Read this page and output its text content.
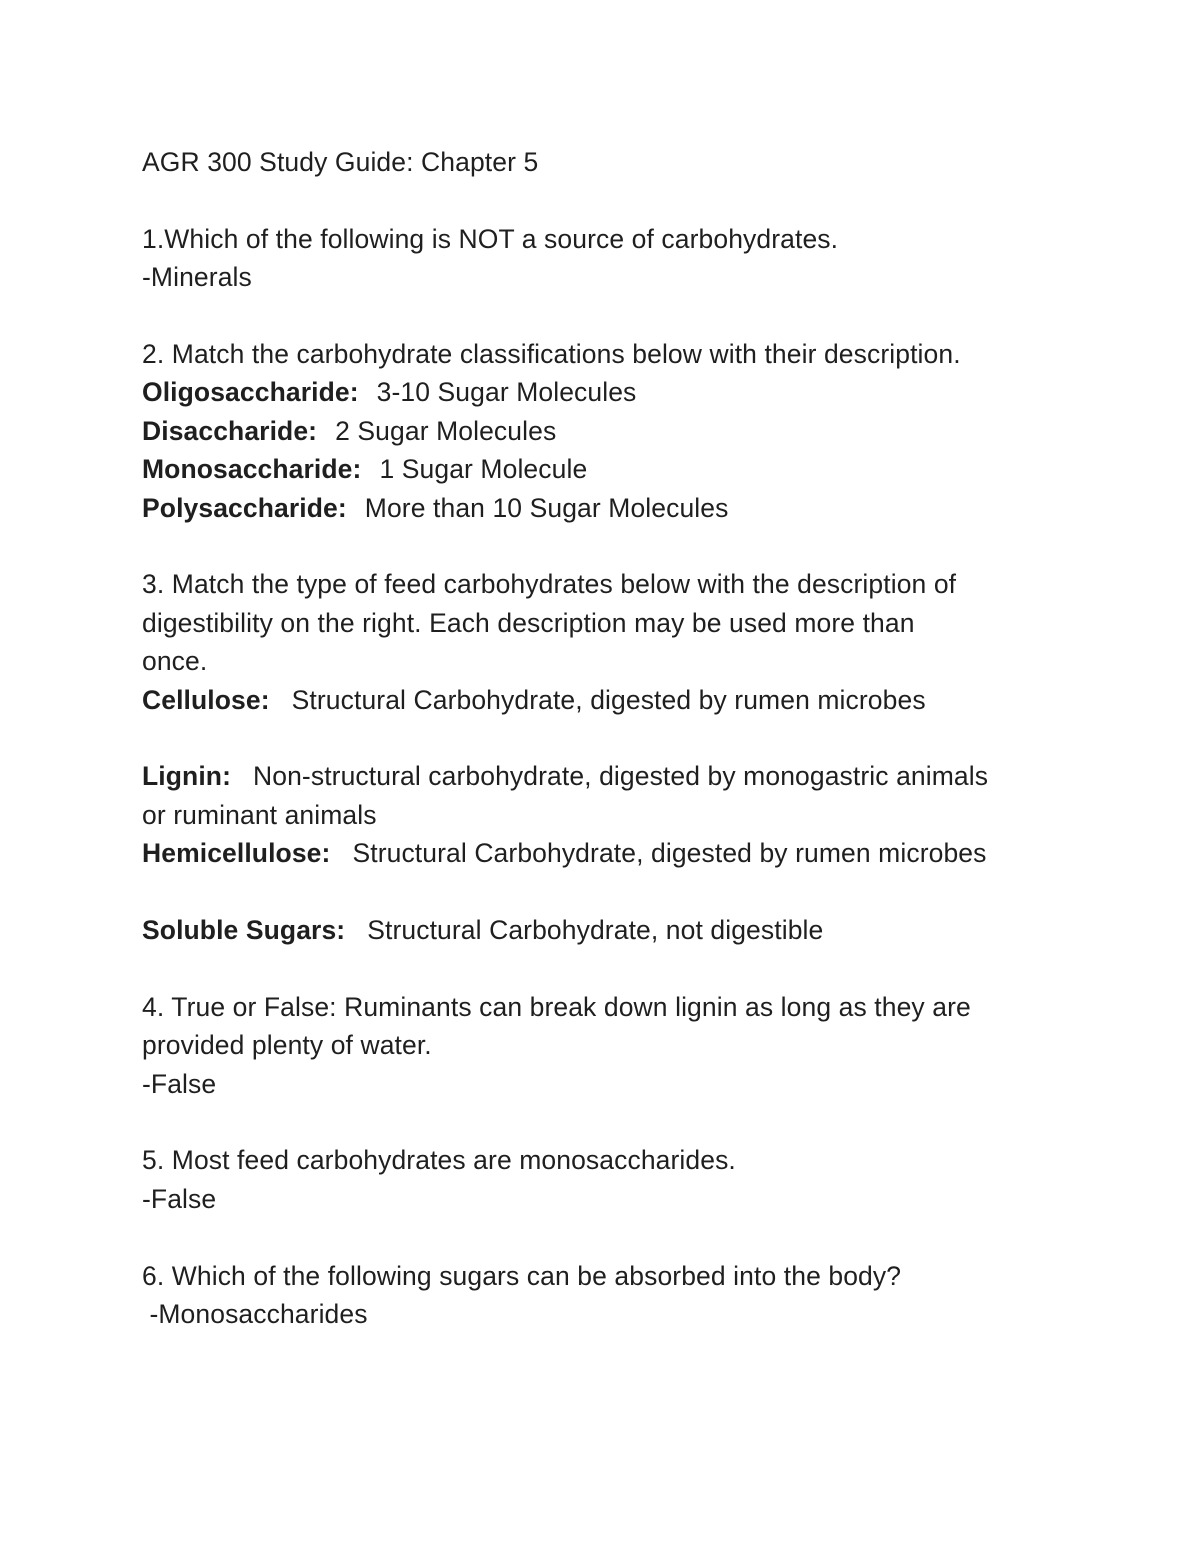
AGR 300 Study Guide: Chapter 5
1.Which of the following is NOT a source of carbohydrates.
-Minerals
2. Match the carbohydrate classifications below with their description.
Oligosaccharide: 3-10 Sugar Molecules
Disaccharide: 2 Sugar Molecules
Monosaccharide: 1 Sugar Molecule
Polysaccharide: More than 10 Sugar Molecules
3. Match the type of feed carbohydrates below with the description of
digestibility on the right. Each description may be used more than
once.
Cellulose: Structural Carbohydrate, digested by rumen microbes
Lignin: Non-structural carbohydrate, digested by monogastric animals
or ruminant animals
Hemicellulose: Structural Carbohydrate, digested by rumen microbes
Soluble Sugars: Structural Carbohydrate, not digestible
4. True or False: Ruminants can break down lignin as long as they are
provided plenty of water.
-False
5. Most feed carbohydrates are monosaccharides.
-False
6. Which of the following sugars can be absorbed into the body?
-Monosaccharides
